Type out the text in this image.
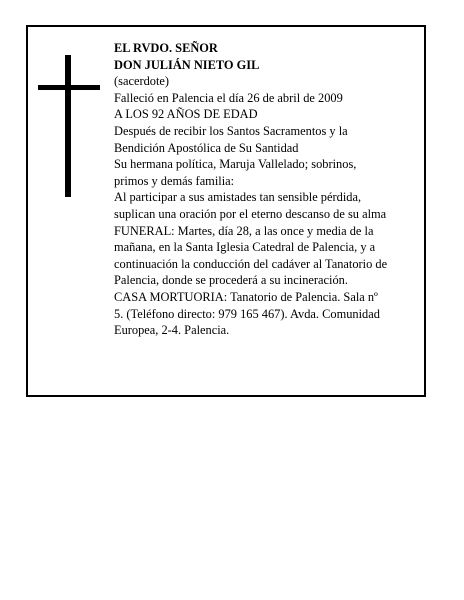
EL RVDO. SEÑOR
DON JULIÁN NIETO GIL
(sacerdote)
Falleció en Palencia el día 26 de abril de 2009
A LOS 92 AÑOS DE EDAD
Después de recibir los Santos Sacramentos y la
Bendición Apostólica de Su Santidad
Su hermana política, Maruja Vallelado; sobrinos,
primos y demás familia:
Al participar a sus amistades tan sensible pérdida,
suplican una oración por el eterno descanso de su alma
FUNERAL: Martes, día 28, a las once y media de la
mañana, en la Santa Iglesia Catedral de Palencia, y a
continuación la conducción del cadáver al Tanatorio de
Palencia, donde se procederá a su incineración.
CASA MORTUORIA: Tanatorio de Palencia. Sala nº
5. (Teléfono directo: 979 165 467). Avda. Comunidad
Europea, 2-4. Palencia.
